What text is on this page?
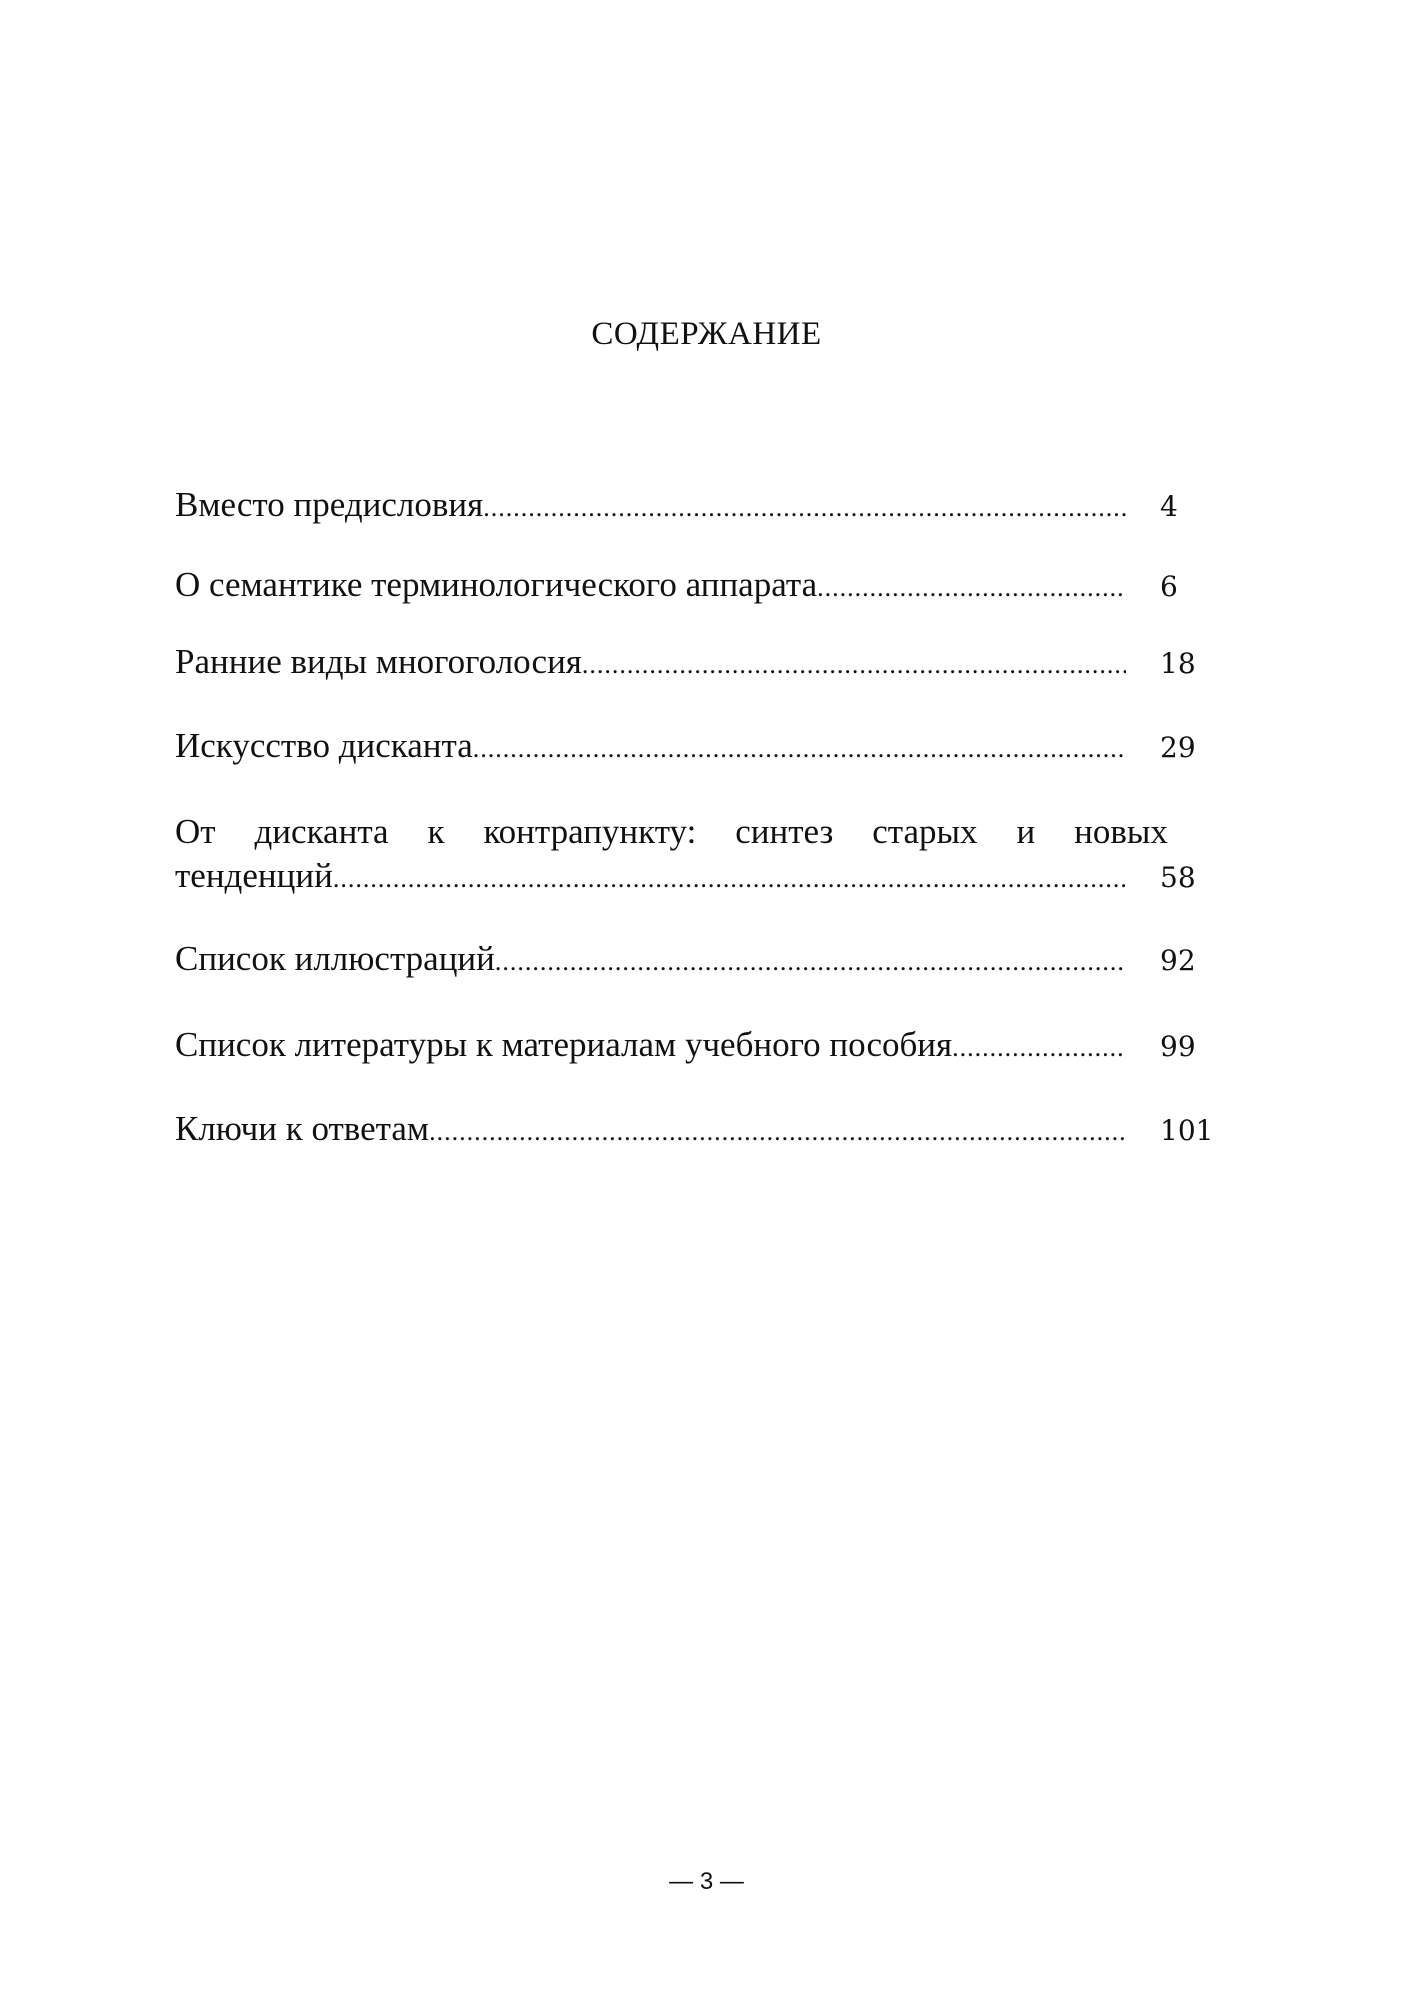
СОДЕРЖАНИЕ
Вместо предисловия .....	4
О семантике терминологического аппарата .....	6
Ранние виды многоголосия .....	18
Искусство дисканта .....	29
От дисканта к контрапункту: синтез старых и новых
тенденций .....	58
Список иллюстраций .....	92
Список литературы к материалам учебного пособия .....	99
Ключи к ответам .....	101
— 3 —
